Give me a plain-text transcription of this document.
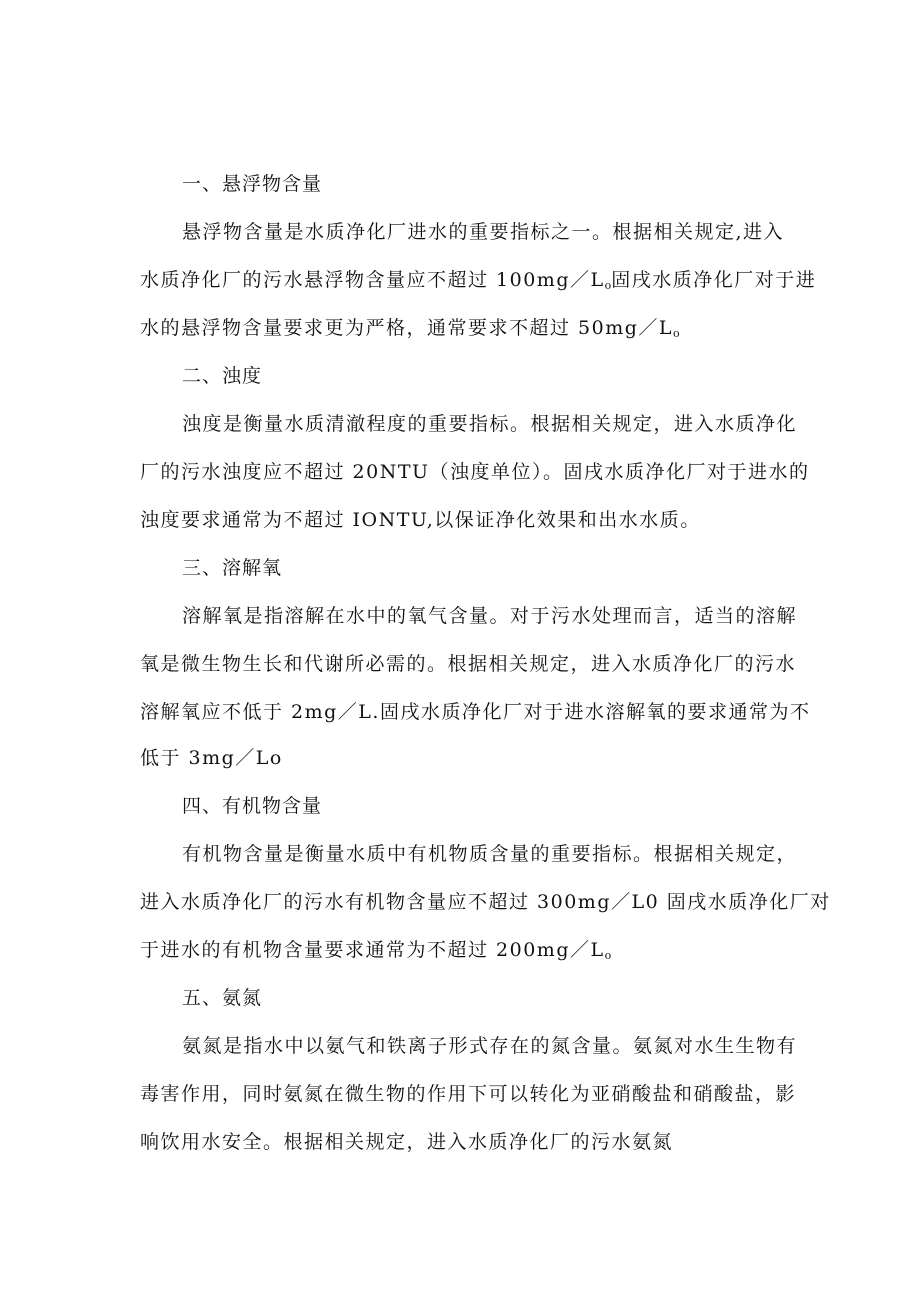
一、悬浮物含量
悬浮物含量是水质净化厂进水的重要指标之一。根据相关规定,进入
水质净化厂的污水悬浮物含量应不超过 $100mg/L_o$固戌水质净化厂对于进
水的悬浮物含量要求更为严格，通常要求不超过 $50mg/L_o$
二、浊度
浊度是衡量水质清澈程度的重要指标。根据相关规定，进入水质净化
厂的污水浊度应不超过 20NTU（浊度单位）。固戌水质净化厂对于进水的
浊度要求通常为不超过 IONTU,以保证净化效果和出水水质。
三、溶解氧
溶解氧是指溶解在水中的氧气含量。对于污水处理而言，适当的溶解
氧是微生物生长和代谢所必需的。根据相关规定，进入水质净化厂的污水
溶解氧应不低于 2mg／L.固戌水质净化厂对于进水溶解氧的要求通常为不
低于 3mg／Lo
四、有机物含量
有机物含量是衡量水质中有机物质含量的重要指标。根据相关规定，
进入水质净化厂的污水有机物含量应不超过 300mg／L0 固戌水质净化厂对
于进水的有机物含量要求通常为不超过 $200mg/L_o$
五、氨氮
氨氮是指水中以氨气和铁离子形式存在的氮含量。氨氮对水生生物有
毒害作用，同时氨氮在微生物的作用下可以转化为亚硝酸盐和硝酸盐，影
响饮用水安全。根据相关规定，进入水质净化厂的污水氨氮
